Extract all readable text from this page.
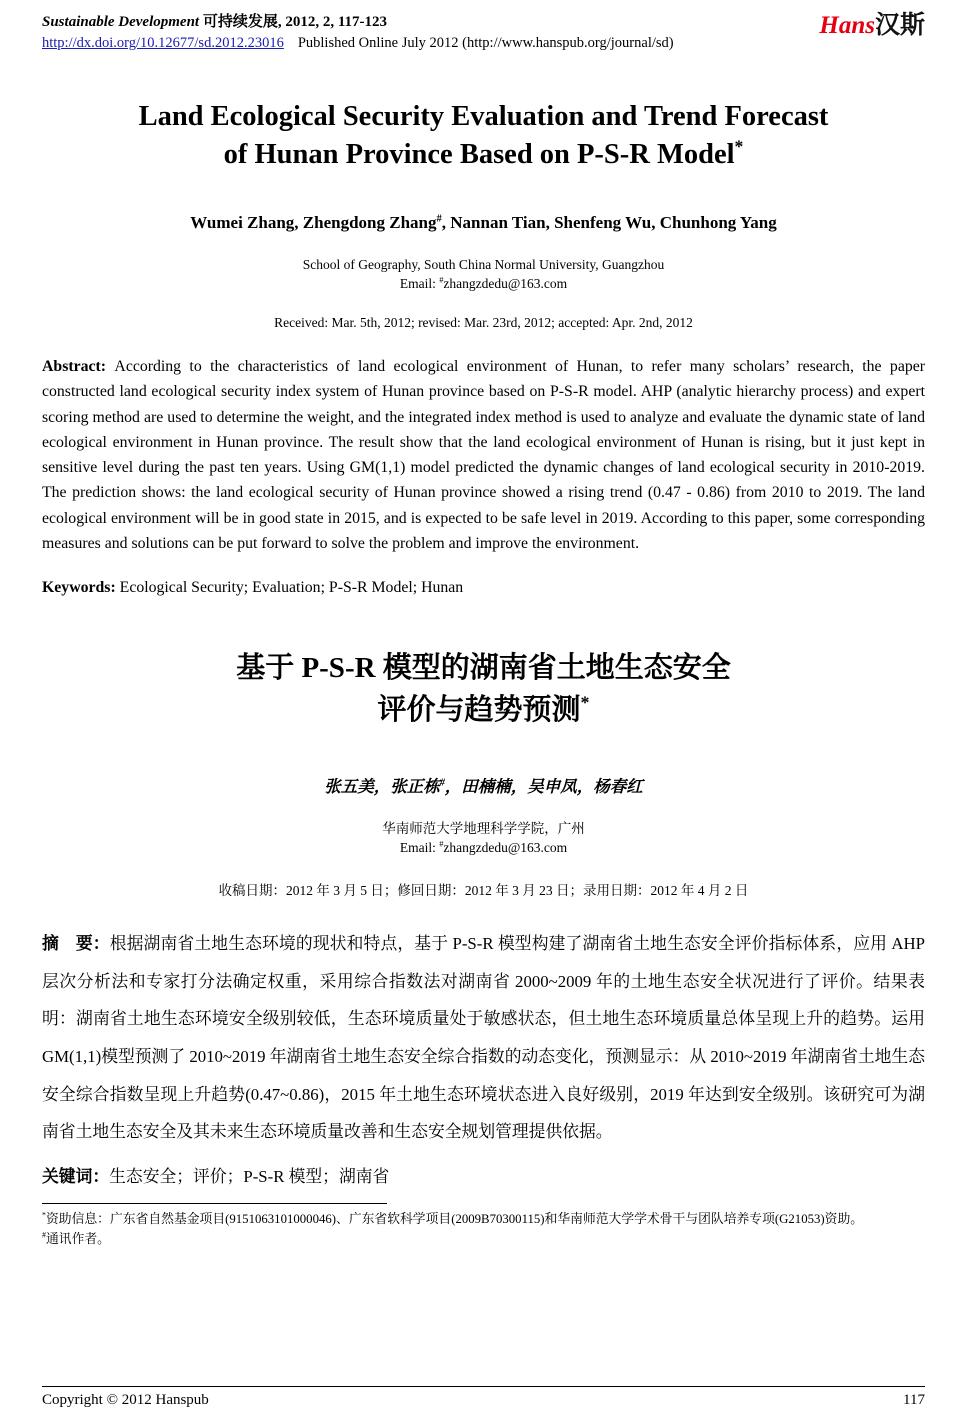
Sustainable Development 可持续发展, 2012, 2, 117-123
http://dx.doi.org/10.12677/sd.2012.23016 Published Online July 2012 (http://www.hanspub.org/journal/sd)
Hans汉斯
Land Ecological Security Evaluation and Trend Forecast
of Hunan Province Based on P-S-R Model*
Wumei Zhang, Zhengdong Zhang#, Nannan Tian, Shenfeng Wu, Chunhong Yang
School of Geography, South China Normal University, Guangzhou
Email: #zhangzdedu@163.com
Received: Mar. 5th, 2012; revised: Mar. 23rd, 2012; accepted: Apr. 2nd, 2012

Abstract: According to the characteristics of land ecological environment of Hunan, to refer many scholars’ research, the paper constructed land ecological security index system of Hunan province based on P-S-R model. AHP (analytic hierarchy process) and expert scoring method are used to determine the weight, and the integrated index method is used to analyze and evaluate the dynamic state of land ecological environment in Hunan province. The result show that the land ecological environment of Hunan is rising, but it just kept in sensitive level during the past ten years. Using GM(1,1) model predicted the dynamic changes of land ecological security in 2010-2019. The prediction shows: the land ecological security of Hunan province showed a rising trend (0.47 - 0.86) from 2010 to 2019. The land ecological environment will be in good state in 2015, and is expected to be safe level in 2019. According to this paper, some corresponding measures and solutions can be put forward to solve the problem and improve the environment.

Keywords: Ecological Security; Evaluation; P-S-R Model; Hunan

基于 P-S-R 模型的湖南省土地生态安全
评价与趋势预测*
张五美，张正栋#，田楠楠，吴申凤，杨春红
华南师范大学地理科学学院，广州
Email: #zhangzdedu@163.com
收稿日期：2012 年 3 月 5 日；修回日期：2012 年 3 月 23 日；录用日期：2012 年 4 月 2 日

摘　要：根据湖南省土地生态环境的现状和特点，基于 P-S-R 模型构建了湖南省土地生态安全评价指标体系，应用 AHP 层次分析法和专家打分法确定权重，采用综合指数法对湖南省 2000~2009 年的土地生态安全状况进行了评价。结果表明：湖南省土地生态环境安全级别较低，生态环境质量处于敏感状态，但土地生态环境质量总体呈现上升的趋势。运用 GM(1,1)模型预测了 2010~2019 年湖南省土地生态安全综合指数的动态变化，预测显示：从 2010~2019 年湖南省土地生态安全综合指数呈现上升趋势(0.47~0.86)，2015 年土地生态环境状态进入良好级别，2019 年达到安全级别。该研究可为湖南省土地生态安全及其未来生态环境质量改善和生态安全规划管理提供依据。

关键词：生态安全；评价；P-S-R 模型；湖南省

*资助信息：广东省自然基金项目(9151063101000046)、广东省软科学项目(2009B70300115)和华南师范大学学术骨干与团队培养专项(G21053)资助。
#通讯作者。
Copyright © 2012 Hanspub	117
